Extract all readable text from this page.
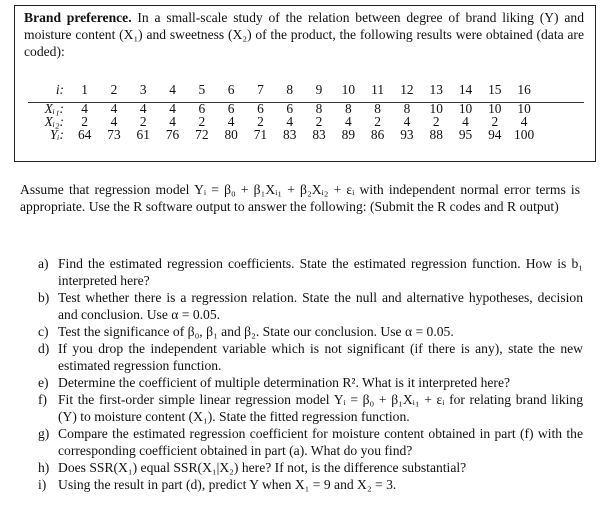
Brand preference. In a small-scale study of the relation between degree of brand liking (Y) and moisture content (X₁) and sweetness (X₂) of the product, the following results were obtained (data are coded):
i:	1	2	3	4	5	6	7	8	9	10	11	12	13	14	15	16

Xᵢ₁:	4	4	4	4	6	6	6	6	8	8	8	8	10	10	10	10
Xᵢ₂:	2	4	2	4	2	4	2	4	2	4	2	4	2	4	2	4
Yᵢ:	64	73	61	76	72	80	71	83	83	89	86	93	88	95	94	100
Assume that regression model Yᵢ = β₀ + β₁Xᵢ₁ + β₂Xᵢ₂ + εᵢ with independent normal error terms is appropriate. Use the R software output to answer the following: (Submit the R codes and R output)
a) Find the estimated regression coefficients. State the estimated regression function. How is b₁ interpreted here?
b) Test whether there is a regression relation. State the null and alternative hypotheses, decision and conclusion. Use α = 0.05.
c) Test the significance of β₀, β₁ and β₂. State our conclusion. Use α = 0.05.
d) If you drop the independent variable which is not significant (if there is any), state the new estimated regression function.
e) Determine the coefficient of multiple determination R². What is it interpreted here?
f) Fit the first-order simple linear regression model Yᵢ = β₀ + β₁Xᵢ₁ + εᵢ for relating brand liking (Y) to moisture content (X₁). State the fitted regression function.
g) Compare the estimated regression coefficient for moisture content obtained in part (f) with the corresponding coefficient obtained in part (a). What do you find?
h) Does SSR(X₁) equal SSR(X₁|X₂) here? If not, is the difference substantial?
i) Using the result in part (d), predict Y when X₁ = 9 and X₂ = 3.
